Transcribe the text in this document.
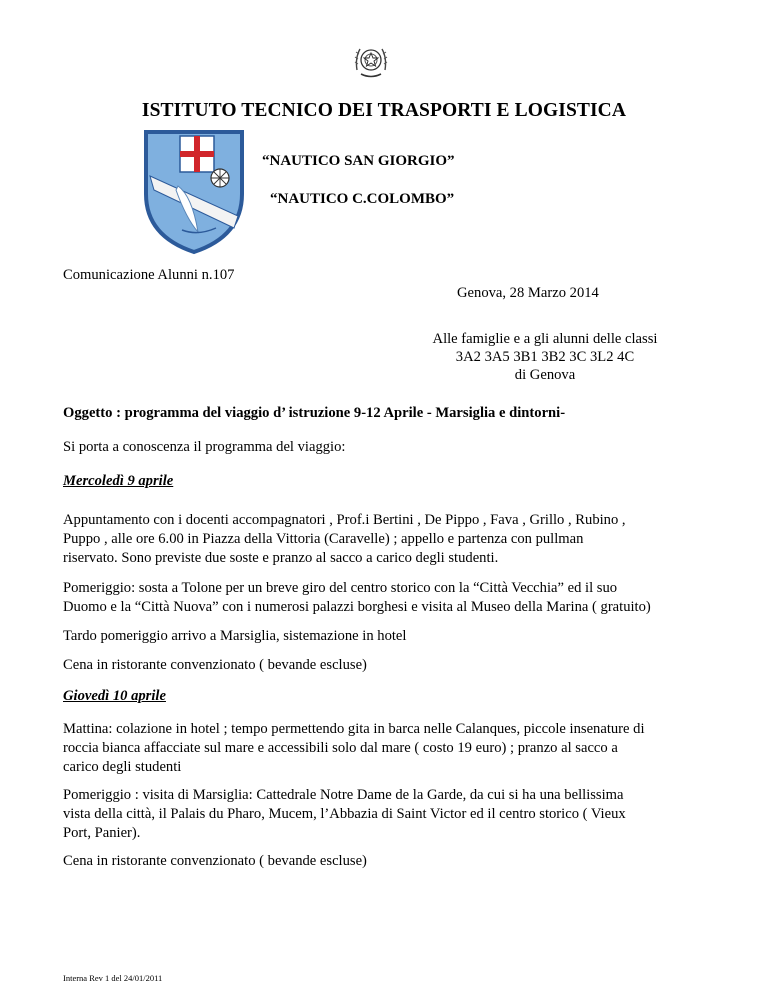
ISTITUTO TECNICO DEI TRASPORTI E LOGISTICA
“NAUTICO SAN GIORGIO”
“NAUTICO C.COLOMBO”
Comunicazione Alunni n.107
Genova, 28 Marzo 2014
Alle famiglie e a gli alunni delle classi
3A2 3A5 3B1 3B2 3C 3L2 4C
di Genova
Oggetto : programma del viaggio d’ istruzione 9-12 Aprile - Marsiglia e dintorni-
Si porta a conoscenza il programma del viaggio:
Mercoledì 9 aprile
Appuntamento con i docenti accompagnatori , Prof.i Bertini , De Pippo , Fava , Grillo , Rubino ,
Puppo , alle ore 6.00 in Piazza della Vittoria (Caravelle) ; appello e partenza con pullman
riservato. Sono previste due soste e pranzo al sacco a carico degli studenti.
Pomeriggio: sosta a Tolone per un breve giro del centro storico con la “Città Vecchia” ed il suo
Duomo e la “Città Nuova” con i numerosi palazzi borghesi e visita al Museo della Marina ( gratuito)
Tardo pomeriggio arrivo a Marsiglia, sistemazione in hotel
Cena in ristorante convenzionato ( bevande escluse)
Giovedì 10 aprile
Mattina: colazione in hotel ; tempo permettendo gita in barca nelle Calanques, piccole insenature di
roccia bianca affacciate sul mare e accessibili solo dal mare ( costo 19 euro) ; pranzo al sacco a
carico degli studenti
Pomeriggio : visita di Marsiglia: Cattedrale Notre Dame de la Garde, da cui si ha una bellissima
vista della città, il Palais du Pharo, Mucem, l’Abbazia di Saint Victor ed il centro storico ( Vieux
Port, Panier).
Cena in ristorante convenzionato ( bevande escluse)
Interna Rev 1 del 24/01/2011
